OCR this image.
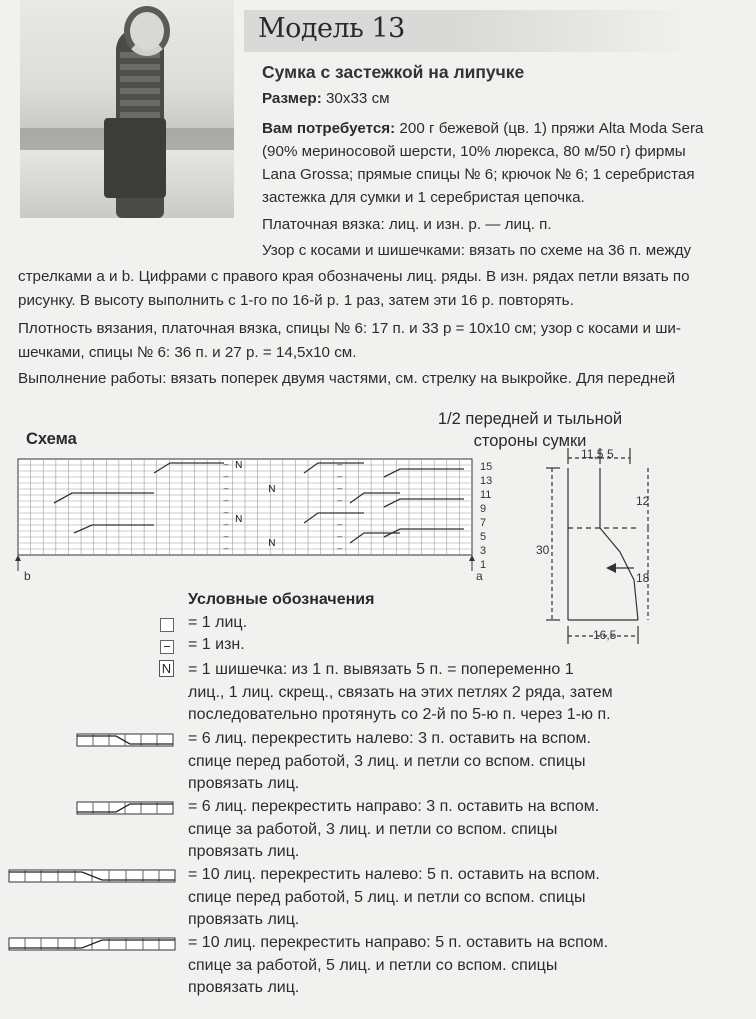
Модель 13
Сумка с застежкой на липучке
Размер: 30x33 см
Вам потребуется: 200 г бежевой (цв. 1) пряжи Alta Moda Sera
(90% мериносовой шерсти, 10% люрекса, 80 м/50 г) фирмы
Lana Grossa; прямые спицы № 6; крючок № 6; 1 серебристая
застежка для сумки и 1 серебристая цепочка.
Платочная вязка: лиц. и изн. р. — лиц. п.
Узор с косами и шишечками: вязать по схеме на 36 п. между
стрелками a и b. Цифрами с правого края обозначены лиц. ряды. В изн. рядах петли вязать по
рисунку. В высоту выполнить с 1-го по 16-й р. 1 раз, затем эти 16 р. повторять.
Плотность вязания, платочная вязка, спицы № 6: 17 п. и 33 р = 10x10 см; узор с косами и ши-
шечками, спицы № 6: 36 п. и 27 р. = 14,5x10 см.
Выполнение работы: вязать поперек двумя частями, см. стрелку на выкройке. Для передней
Схема
–
–
–
–
–
–
–
–
–
–
–
–
–
–
–
–
N
N
N
N
b	a
15
13
11
9
7
5
3
1
1/2 передней и тыльной
стороны сумки
11,5 5
12
30
18
16,5
Условные обозначения
= 1 лиц.
= 1 изн.
N = 1 шишечка: из 1 п. вывязать 5 п. = попеременно 1
лиц., 1 лиц. скрещ., связать на этих петлях 2 ряда, затем
последовательно протянуть со 2-й по 5-ю п. через 1-ю п.
= 6 лиц. перекрестить налево: 3 п. оставить на вспом.
спице перед работой, 3 лиц. и петли со вспом. спицы
провязать лиц.
= 6 лиц. перекрестить направо: 3 п. оставить на вспом.
спице за работой, 3 лиц. и петли со вспом. спицы
провязать лиц.
= 10 лиц. перекрестить налево: 5 п. оставить на вспом.
спице перед работой, 5 лиц. и петли со вспом. спицы
провязать лиц.
= 10 лиц. перекрестить направо: 5 п. оставить на вспом.
спице за работой, 5 лиц. и петли со вспом. спицы
провязать лиц.
